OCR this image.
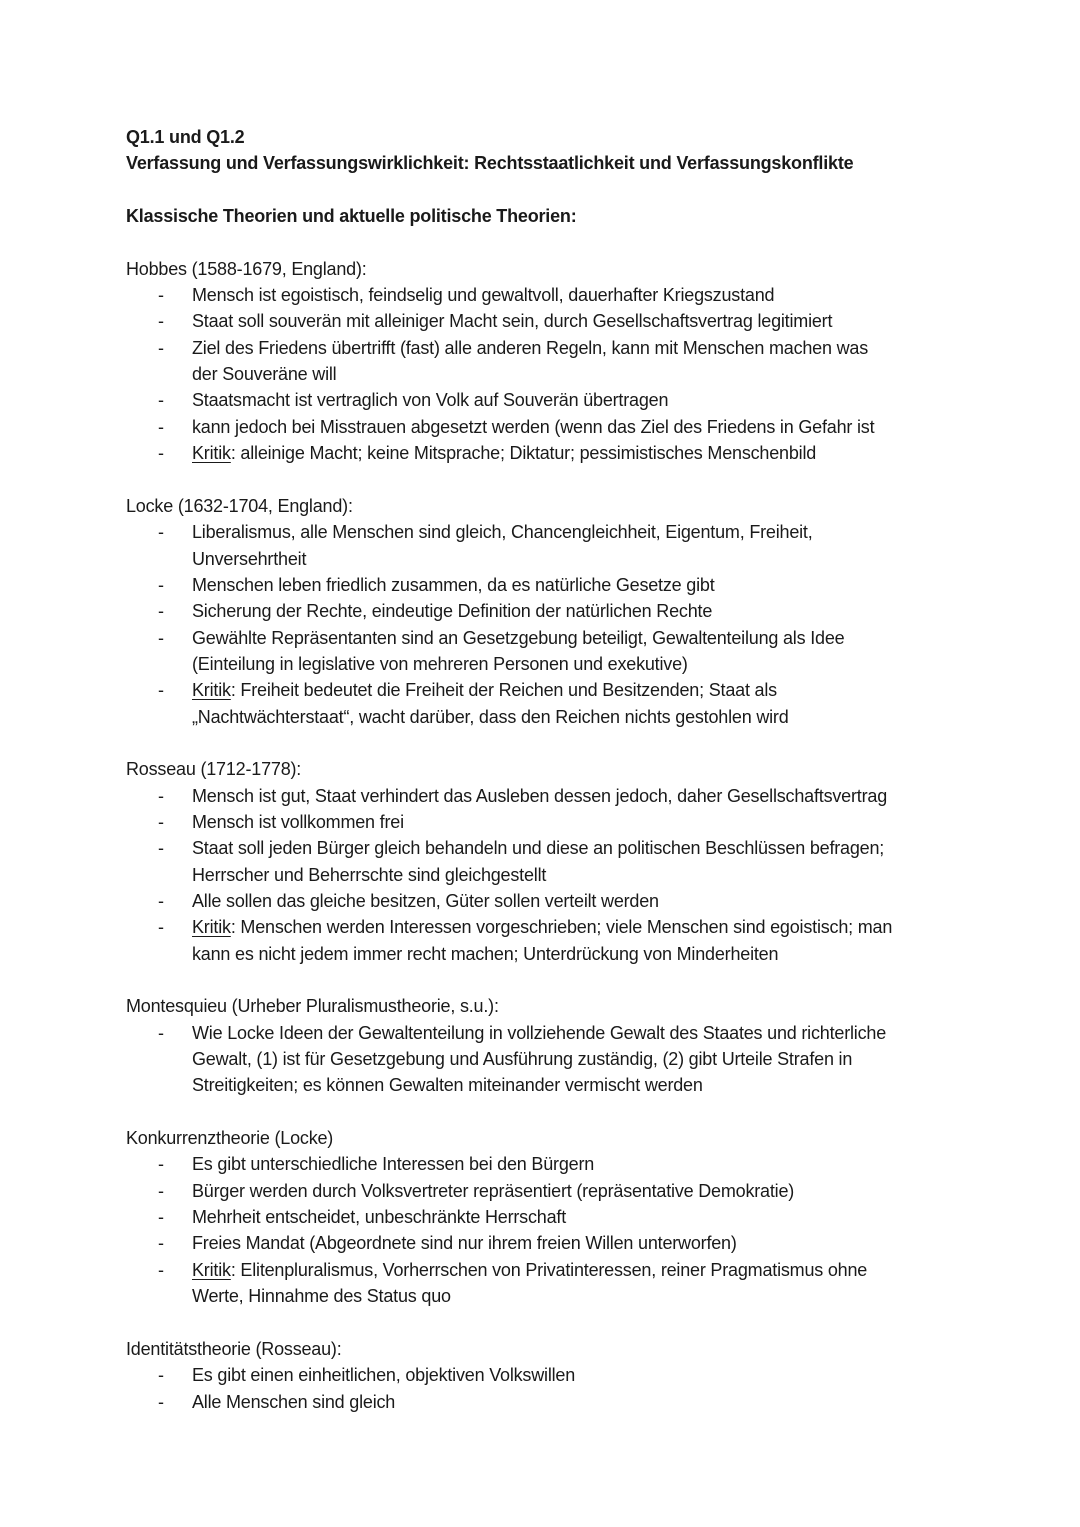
Q1.1 und Q1.2
Verfassung und Verfassungswirklichkeit: Rechtsstaatlichkeit und Verfassungskonflikte
Klassische Theorien und aktuelle politische Theorien:
Hobbes (1588-1679, England):
-	Mensch ist egoistisch, feindselig und gewaltvoll, dauerhafter Kriegszustand
-	Staat soll souverän mit alleiniger Macht sein, durch Gesellschaftsvertrag legitimiert
-	Ziel des Friedens übertrifft (fast) alle anderen Regeln, kann mit Menschen machen was
der Souveräne will
-	Staatsmacht ist vertraglich von Volk auf Souverän übertragen
-	kann jedoch bei Misstrauen abgesetzt werden (wenn das Ziel des Friedens in Gefahr ist
-	Kritik: alleinige Macht; keine Mitsprache; Diktatur; pessimistisches Menschenbild
Locke (1632-1704, England):
-	Liberalismus, alle Menschen sind gleich, Chancengleichheit, Eigentum, Freiheit,
Unversehrtheit
-	Menschen leben friedlich zusammen, da es natürliche Gesetze gibt
-	Sicherung der Rechte, eindeutige Definition der natürlichen Rechte
-	Gewählte Repräsentanten sind an Gesetzgebung beteiligt, Gewaltenteilung als Idee
(Einteilung in legislative von mehreren Personen und exekutive)
-	Kritik: Freiheit bedeutet die Freiheit der Reichen und Besitzenden; Staat als
„Nachtwächterstaat“, wacht darüber, dass den Reichen nichts gestohlen wird
Rosseau (1712-1778):
-	Mensch ist gut, Staat verhindert das Ausleben dessen jedoch, daher Gesellschaftsvertrag
-	Mensch ist vollkommen frei
-	Staat soll jeden Bürger gleich behandeln und diese an politischen Beschlüssen befragen;
Herrscher und Beherrschte sind gleichgestellt
-	Alle sollen das gleiche besitzen, Güter sollen verteilt werden
-	Kritik: Menschen werden Interessen vorgeschrieben; viele Menschen sind egoistisch; man
kann es nicht jedem immer recht machen; Unterdrückung von Minderheiten
Montesquieu (Urheber Pluralismustheorie, s.u.):
-	Wie Locke Ideen der Gewaltenteilung in vollziehende Gewalt des Staates und richterliche
Gewalt, (1) ist für Gesetzgebung und Ausführung zuständig, (2) gibt Urteile Strafen in
Streitigkeiten; es können Gewalten miteinander vermischt werden
Konkurrenztheorie (Locke)
-	Es gibt unterschiedliche Interessen bei den Bürgern
-	Bürger werden durch Volksvertreter repräsentiert (repräsentative Demokratie)
-	Mehrheit entscheidet, unbeschränkte Herrschaft
-	Freies Mandat (Abgeordnete sind nur ihrem freien Willen unterworfen)
-	Kritik: Elitenpluralismus, Vorherrschen von Privatinteressen, reiner Pragmatismus ohne
Werte, Hinnahme des Status quo
Identitätstheorie (Rosseau):
-	Es gibt einen einheitlichen, objektiven Volkswillen
-	Alle Menschen sind gleich
